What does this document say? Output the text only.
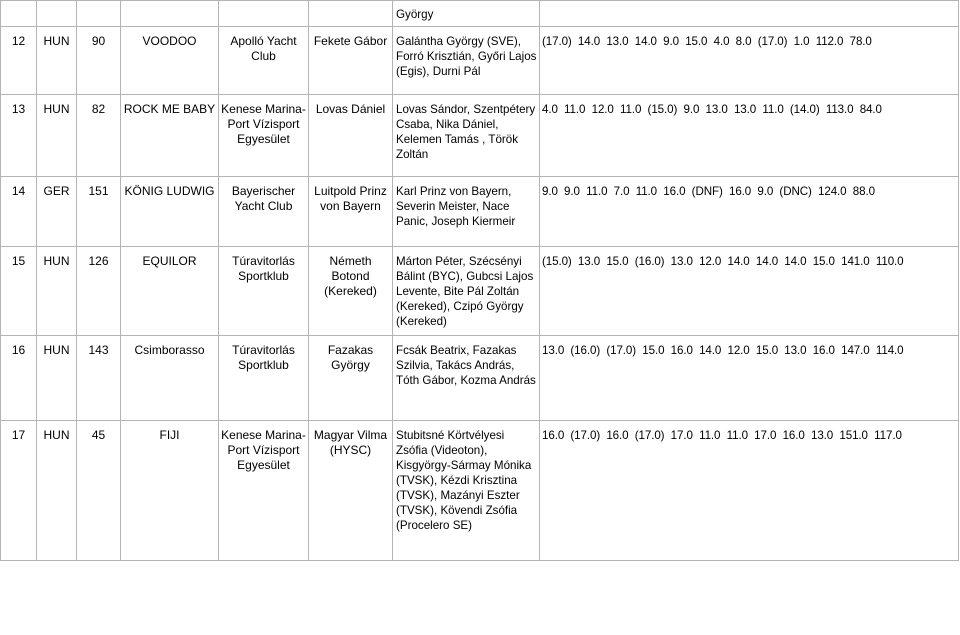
						György	

12	HUN	90	VOODOO	Apolló Yacht Club	Fekete Gábor	Galántha György (SVE), Forró Krisztián, Győri Lajos (Egis), Durni Pál	(17.0)  14.0  13.0  14.0  9.0  15.0  4.0  8.0  (17.0)  1.0  112.0  78.0

13	HUN	82	ROCK ME BABY	Kenese Marina-Port Vízisport Egyesület	Lovas Dániel	Lovas Sándor, Szentpétery Csaba, Nika Dániel, Kelemen Tamás , Török Zoltán	4.0  11.0  12.0  11.0  (15.0)  9.0  13.0  13.0  11.0  (14.0)  113.0  84.0

14	GER	151	KÖNIG LUDWIG	Bayerischer Yacht Club	Luitpold Prinz von Bayern	Karl Prinz von Bayern, Severin Meister, Nace Panic, Joseph Kiermeir	9.0  9.0  11.0  7.0  11.0  16.0  (DNF)  16.0  9.0  (DNC)  124.0  88.0

15	HUN	126	EQUILOR	Túravitorlás Sportklub	Németh Botond (Kereked)	Márton Péter, Szécsényi Bálint (BYC), Gubcsi Lajos Levente, Bite Pál Zoltán (Kereked), Czipó György (Kereked)	(15.0)  13.0  15.0  (16.0)  13.0  12.0  14.0  14.0  14.0  15.0  141.0  110.0

16	HUN	143	Csimborasso	Túravitorlás Sportklub	Fazakas György	Fcsák Beatrix, Fazakas Szilvia, Takács András, Tóth Gábor, Kozma András	13.0  (16.0)  (17.0)  15.0  16.0  14.0  12.0  15.0  13.0  16.0  147.0  114.0

17	HUN	45	FIJI	Kenese Marina-Port Vízisport Egyesület	Magyar Vilma (HYSC)	Stubitsné Körtvélyesi Zsófia (Videoton), Kisgyörgy-Sármay Mónika (TVSK), Kézdi Krisztina (TVSK), Mazányi Eszter (TVSK), Kövendi Zsófia (Procelero SE)	16.0  (17.0)  16.0  (17.0)  17.0  11.0  11.0  17.0  16.0  13.0  151.0  117.0
